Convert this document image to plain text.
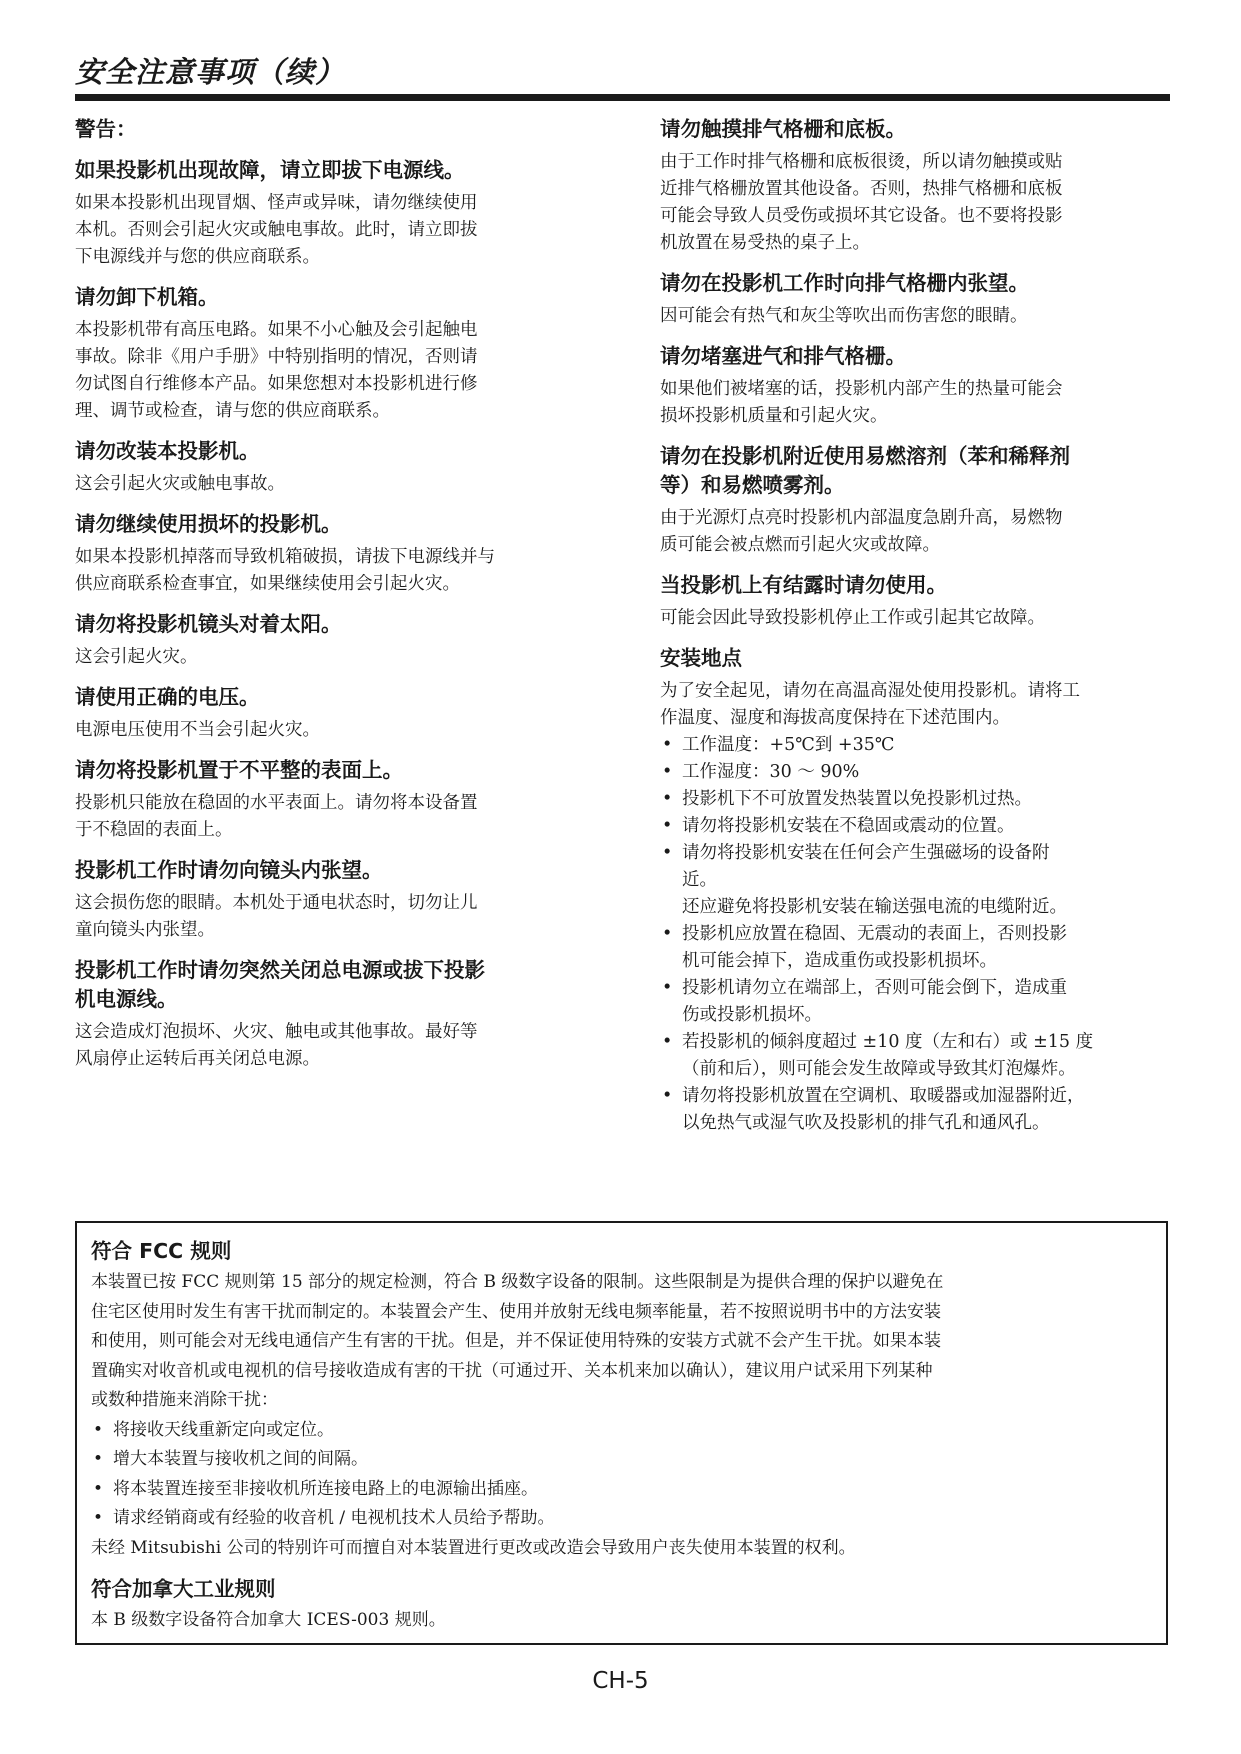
安全注意事项（续）

警告：

如果投影机出现故障，请立即拔下电源线。

如果本投影机出现冒烟、怪声或异味，请勿继续使用
本机。否则会引起火灾或触电事故。此时，请立即拔
下电源线并与您的供应商联系。

请勿卸下机箱。

本投影机带有高压电路。如果不小心触及会引起触电
事故。除非《用户手册》中特别指明的情况，否则请
勿试图自行维修本产品。如果您想对本投影机进行修
理、调节或检查，请与您的供应商联系。

请勿改装本投影机。

这会引起火灾或触电事故。

请勿继续使用损坏的投影机。

如果本投影机掉落而导致机箱破损，请拔下电源线并与
供应商联系检查事宜，如果继续使用会引起火灾。

请勿将投影机镜头对着太阳。

这会引起火灾。

请使用正确的电压。

电源电压使用不当会引起火灾。

请勿将投影机置于不平整的表面上。

投影机只能放在稳固的水平表面上。请勿将本设备置
于不稳固的表面上。

投影机工作时请勿向镜头内张望。

这会损伤您的眼睛。本机处于通电状态时，切勿让儿
童向镜头内张望。

投影机工作时请勿突然关闭总电源或拔下投影
机电源线。

这会造成灯泡损坏、火灾、触电或其他事故。最好等
风扇停止运转后再关闭总电源。

请勿触摸排气格栅和底板。

由于工作时排气格栅和底板很烫，所以请勿触摸或贴
近排气格栅放置其他设备。否则，热排气格栅和底板
可能会导致人员受伤或损坏其它设备。也不要将投影
机放置在易受热的桌子上。

请勿在投影机工作时向排气格栅内张望。

因可能会有热气和灰尘等吹出而伤害您的眼睛。

请勿堵塞进气和排气格栅。

如果他们被堵塞的话，投影机内部产生的热量可能会
损坏投影机质量和引起火灾。

请勿在投影机附近使用易燃溶剂（苯和稀释剂
等）和易燃喷雾剂。

由于光源灯点亮时投影机内部温度急剧升高，易燃物
质可能会被点燃而引起火灾或故障。

当投影机上有结露时请勿使用。

可能会因此导致投影机停止工作或引起其它故障。

安装地点

为了安全起见，请勿在高温高湿处使用投影机。请将工
作温度、湿度和海拔高度保持在下述范围内。

• 工作温度：+5℃到 +35℃
• 工作湿度：30 ～ 90%
• 投影机下不可放置发热装置以免投影机过热。
• 请勿将投影机安装在不稳固或震动的位置。
• 请勿将投影机安装在任何会产生强磁场的设备附
近。
还应避免将投影机安装在输送强电流的电缆附近。
• 投影机应放置在稳固、无震动的表面上，否则投影
机可能会掉下，造成重伤或投影机损坏。
• 投影机请勿立在端部上，否则可能会倒下，造成重
伤或投影机损坏。
• 若投影机的倾斜度超过 ±10 度（左和右）或 ±15 度
（前和后），则可能会发生故障或导致其灯泡爆炸。
• 请勿将投影机放置在空调机、取暖器或加湿器附近，
以免热气或湿气吹及投影机的排气孔和通风孔。

符合 FCC 规则

本装置已按 FCC 规则第 15 部分的规定检测，符合 B 级数字设备的限制。这些限制是为提供合理的保护以避免在
住宅区使用时发生有害干扰而制定的。本装置会产生、使用并放射无线电频率能量，若不按照说明书中的方法安装
和使用，则可能会对无线电通信产生有害的干扰。但是，并不保证使用特殊的安装方式就不会产生干扰。如果本装
置确实对收音机或电视机的信号接收造成有害的干扰（可通过开、关本机来加以确认），建议用户试采用下列某种
或数种措施来消除干扰：

• 将接收天线重新定向或定位。
• 增大本装置与接收机之间的间隔。
• 将本装置连接至非接收机所连接电路上的电源输出插座。
• 请求经销商或有经验的收音机 / 电视机技术人员给予帮助。

未经 Mitsubishi 公司的特别许可而擅自对本装置进行更改或改造会导致用户丧失使用本装置的权利。

符合加拿大工业规则

本 B 级数字设备符合加拿大 ICES-003 规则。

CH-5
